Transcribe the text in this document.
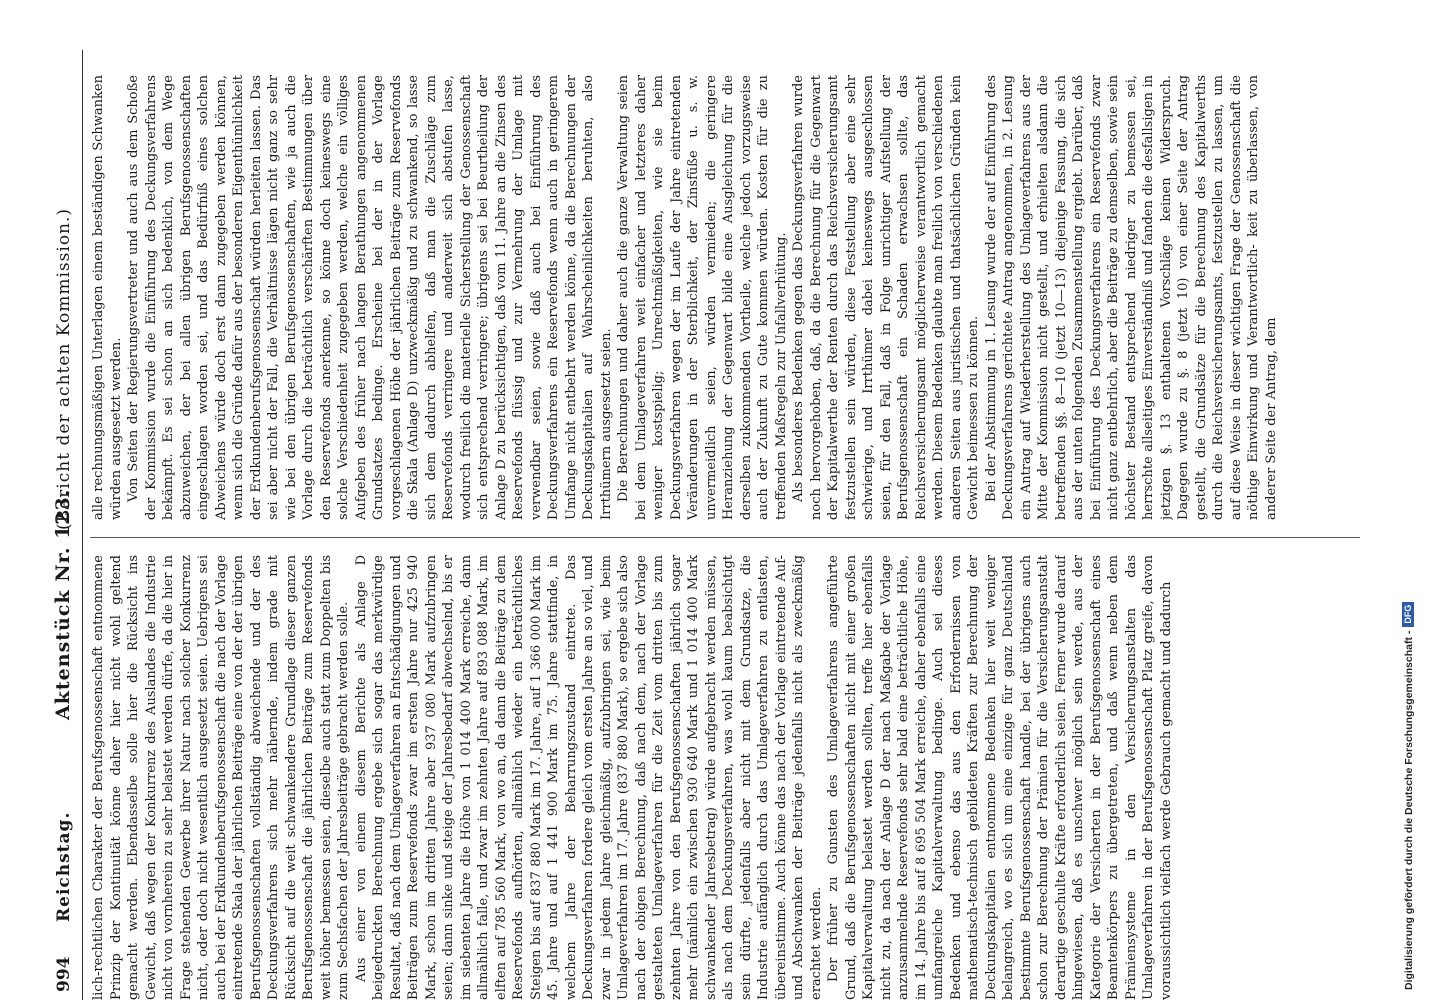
994
Reichstag.
Aktenstück Nr. 123.
(Bericht der achten Kommission.)

lich-rechtlichen Charakter der Berufsgenossenschaft entnommene Prinzip der Kontinuität könne daher hier nicht wohl geltend gemacht werden. Ebendasselbe solle hier die Rücksicht ins Gewicht, daß wegen der Konkurrenz des Auslandes die Industrie nicht von vornherein zu sehr belastet werden dürfe, da die hier in Frage stehenden Gewerbe ihrer Natur nach solcher Konkurrenz nicht, oder doch nicht wesentlich ausgesetzt seien. Uebrigens sei auch bei der Erdkundenberufsgenossenschaft die nach der Vorlage eintretende Skala der jährlichen Beiträge eine von der der übrigen Berufsgenossenschaften vollständig abweichende und der des Deckungsverfahrens sich mehr nähernde, indem grade mit Rücksicht auf die weit schwankendere Grundlage dieser ganzen Berufsgenossenschaft die jährlichen Beiträge zum Reservefonds weit höher bemessen seien, dieselbe auch statt zum Doppelten bis zum Sechsfachen der Jahresbeiträge gebracht werden solle. Aus einer von einem diesem Berichte als Anlage D beigedruckten Berechnung ergebe sich sogar das merkwürdige Resultat, daß nach dem Umlageverfahren an Entschädigungen und Beiträgen zum Reservefonds zwar im ersten Jahre nur 425 940 Mark, schon im dritten Jahre aber 937 080 Mark aufzubringen seien; dann sinke und steige der Jahresbedarf abwechselnd, bis er im siebenten Jahre die Höhe von 1 014 400 Mark erreiche, dann allmählich falle, und zwar im zehnten Jahre auf 893 088 Mark, im elften auf 785 560 Mark, von wo an, da dann die Beiträge zu dem Reservefonds aufhörten, allmählich wieder ein beträchtliches Steigen bis auf 837 880 Mark im 17. Jahre, auf 1 366 000 Mark im 45. Jahre und auf 1 441 900 Mark im 75. Jahre stattfinde, in welchem Jahre der Beharrungszustand eintrete. Das Deckungsverfahren fordere gleich vom ersten Jahre an so viel, und zwar in jedem Jahre gleichmäßig, aufzubringen sei, wie beim Umlageverfahren im 17. Jahre (837 880 Mark), so ergebe sich also nach der obigen Berechnung, daß nach dem, nach der Vorlage gestalteten Umlageverfahren für die Zeit vom dritten bis zum zehnten Jahre von den Berufsgenossenschaften jährlich sogar mehr (nämlich ein zwischen 930 640 Mark und 1 014 400 Mark schwankender Jahresbetrag) würde aufgebracht werden müssen, als nach dem Deckungsverfahren, was wohl kaum beabsichtigt sein dürfte, jedenfalls aber nicht mit dem Grundsatze, die Industrie aufänglich durch das Umlageverfahren zu entlasten, übereinstimme. Auch könne das nach der Vorlage eintretende Auf- und Abschwanken der Beiträge jedenfalls nicht als zweckmäßig erachtet werden. Der früher zu Gunsten des Umlageverfahrens angeführte Grund, daß die Berufsgenossenschaften nicht mit einer großen Kapitalverwaltung belastet werden sollten, treffe hier ebenfalls nicht zu, da nach der Anlage D der nach Maßgabe der Vorlage anzusammelnde Reservefonds sehr bald eine beträchtliche Höhe, im 14. Jahre bis auf 8 695 504 Mark erreiche, daher ebenfalls eine umfangreiche Kapitalverwaltung bedinge. Auch sei dieses Bedenken und ebenso das aus den Erfordernissen von mathematisch-technisch gebildeten Kräften zur Berechnung der Deckungskapitalien entnommene Bedenken hier weit weniger belangreich, wo es sich um eine einzige für ganz Deutschland bestimmte Berufsgenossenschaft handle, bei der übrigens auch schon zur Berechnung der Prämien für die Versicherungsanstalt derartige geschulte Kräfte erforderlich seien. Ferner wurde darauf hingewiesen, daß es unschwer möglich sein werde, aus der Kategorie der Versicherten in der Berufsgenossenschaft eines Beamtenkörpers zu übergetreten, und daß wenn neben dem Prämiensysteme in den Versicherungsanstalten das Umlageverfahren in der Berufsgenossenschaft Platz greife, davon voraussichtlich vielfach werde Gebrauch gemacht und dadurch

alle rechnungsmäßigen Unterlagen einem beständigen Schwanken würden ausgesetzt werden. Von Seiten der Regierungsvertreter und auch aus dem Schoße der Kommission wurde die Einführung des Deckungsverfahrens bekämpft. Es sei schon an sich bedenklich, von dem Wege abzuweichen, der bei allen übrigen Berufsgenossenschaften eingeschlagen worden sei, und das Bedürfniß eines solchen Abweichens würde doch erst dann zugegeben werden können, wenn sich die Gründe dafür aus der besonderen Eigenthümlichkeit der Erdkundenberufsgenossenschaft würden herleiten lassen. Das sei aber nicht der Fall, die Verhältnisse lägen nicht ganz so sehr wie bei den übrigen Berufsgenossenschaften, wie ja auch die Vorlage durch die beträchtlich verschärften Bestimmungen über den Reservefonds anerkenne, so könne doch keineswegs eine solche Verschiedenheit zugegeben werden, welche ein völliges Aufgeben des früher nach langen Berathungen angenommenen Grundsatzes bedinge. Erscheine bei der in der Vorlage vorgeschlagenen Höhe der jährlichen Beiträge zum Reservefonds die Skala (Anlage D) unzweckmäßig und zu schwankend, so lasse sich dem dadurch abhelfen, daß man die Zuschläge zum Reservefonds verringere und anderweit sich abstufen lasse, wodurch freilich die materielle Sicherstellung der Genossenschaft sich entsprechend verringere; übrigens sei bei Beurtheilung der Anlage D zu berücksichtigen, daß vom 11. Jahre an die Zinsen des Reservefonds flüssig und zur Vermehrung der Umlage mit verwendbar seien, sowie daß auch bei Einführung des Deckungsverfahrens ein Reservefonds wenn auch in geringerem Umfange nicht entbehrt werden könne, da die Berechnungen der Deckungskapitalien auf Wahrscheinlichkeiten beruhten, also Irrthümern ausgesetzt seien. Die Berechnungen und daher auch die ganze Verwaltung seien bei dem Umlageverfahren weit einfacher und letzteres daher weniger kostspielig; Unrechtmäßigkeiten, wie sie beim Deckungsverfahren wegen der im Laufe der Jahre eintretenden Veränderungen in der Sterblichkeit, der Zinsfüße u. s. w. unvermeidlich seien, würden vermieden; die geringere Heranziehung der Gegenwart bilde eine Ausgleichung für die derselben zukommenden Vortheile, welche jedoch vorzugsweise auch der Zukunft zu Gute kommen würden. Kosten für die zu treffenden Maßregeln zur Unfallverhütung. Als besonderes Bedenken gegen das Deckungsverfahren wurde noch hervorgehoben, daß, da die Berechnung für die Gegenwart der Kapitalwerthe der Renten durch das Reichsversicherungsamt festzustellen sein würden, diese Feststellung aber eine sehr schwierige, und Irrthümer dabei keineswegs ausgeschlossen seien, für den Fall, daß in Folge unrichtiger Aufstellung der Berufsgenossenschaft ein Schaden erwachsen sollte, das Reichsversicherungsamt möglicherweise verantwortlich gemacht werden. Diesem Bedenken glaubte man freilich von verschiedenen anderen Seiten aus juristischen und thatsächlichen Gründen kein Gewicht beimessen zu können. Bei der Abstimmung in 1. Lesung wurde der auf Einführung des Deckungsverfahrens gerichtete Antrag angenommen, in 2. Lesung ein Antrag auf Wiederherstellung des Umlageverfahrens aus der Mitte der Kommission nicht gestellt, und erhielten alsdann die betreffenden §§. 8—10 (jetzt 10—13) diejenige Fassung, die sich aus der unten folgenden Zusammenstellung ergiebt. Darüber, daß bei Einführung des Deckungsverfahrens ein Reservefonds zwar nicht ganz entbehrlich, aber die Beiträge zu demselben, sowie sein höchster Bestand entsprechend niedriger zu bemessen sei, herrschte allseitiges Einverständniß und fanden die desfallsigen in jetzigen §. 13 enthaltenen Vorschläge keinen Widerspruch. Dagegen wurde zu §. 8 (jetzt 10) von einer Seite der Antrag gestellt, die Grundsätze für die Berechnung des Kapitalwerths durch die Reichsversicherungsamts, festzustellen zu lassen, um auf diese Weise in dieser wichtigen Frage der Genossenschaft die nöthige Einwirkung und Verantwortlich- keit zu überlassen, von anderer Seite der Antrag, dem

Digitalisierung gefördert durch die Deutsche Forschungsgemeinschaft -DFG
